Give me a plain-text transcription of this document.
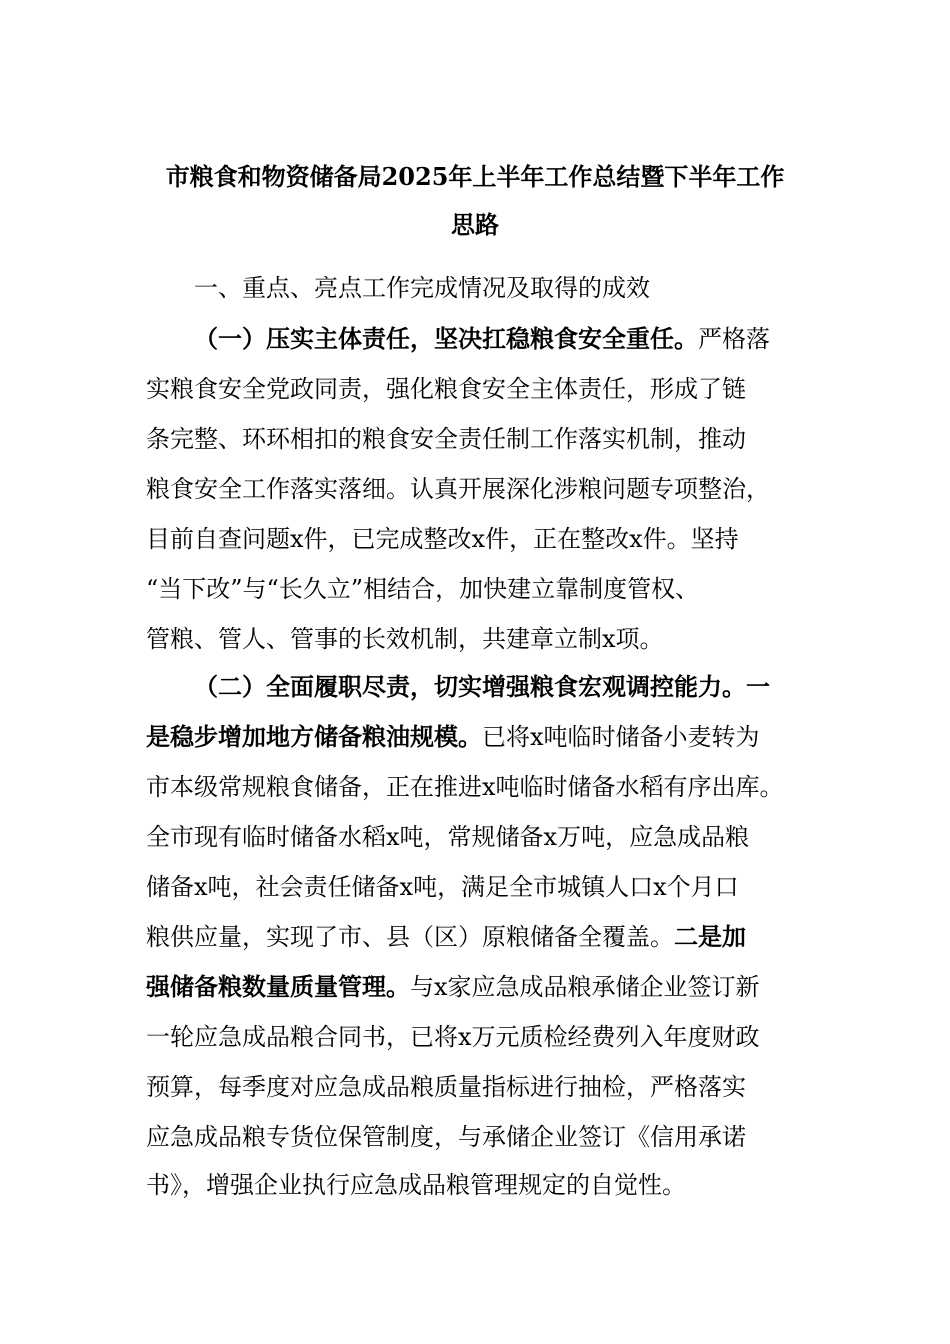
市粮食和物资储备局2025年上半年工作总结暨下半年工作
思路
一、重点、亮点工作完成情况及取得的成效
（一）压实主体责任，坚决扛稳粮食安全重任。严格落
实粮食安全党政同责，强化粮食安全主体责任，形成了链
条完整、环环相扣的粮食安全责任制工作落实机制，推动
粮食安全工作落实落细。认真开展深化涉粮问题专项整治，
目前自查问题x件，已完成整改x件，正在整改x件。坚持
“当下改”与“长久立”相结合，加快建立靠制度管权、
管粮、管人、管事的长效机制，共建章立制x项。
（二）全面履职尽责，切实增强粮食宏观调控能力。一
是稳步增加地方储备粮油规模。已将x吨临时储备小麦转为
市本级常规粮食储备，正在推进x吨临时储备水稻有序出库。
全市现有临时储备水稻x吨，常规储备x万吨，应急成品粮
储备x吨，社会责任储备x吨，满足全市城镇人口x个月口
粮供应量，实现了市、县（区）原粮储备全覆盖。二是加
强储备粮数量质量管理。与x家应急成品粮承储企业签订新
一轮应急成品粮合同书，已将x万元质检经费列入年度财政
预算，每季度对应急成品粮质量指标进行抽检，严格落实
应急成品粮专货位保管制度，与承储企业签订《信用承诺
书》，增强企业执行应急成品粮管理规定的自觉性。
